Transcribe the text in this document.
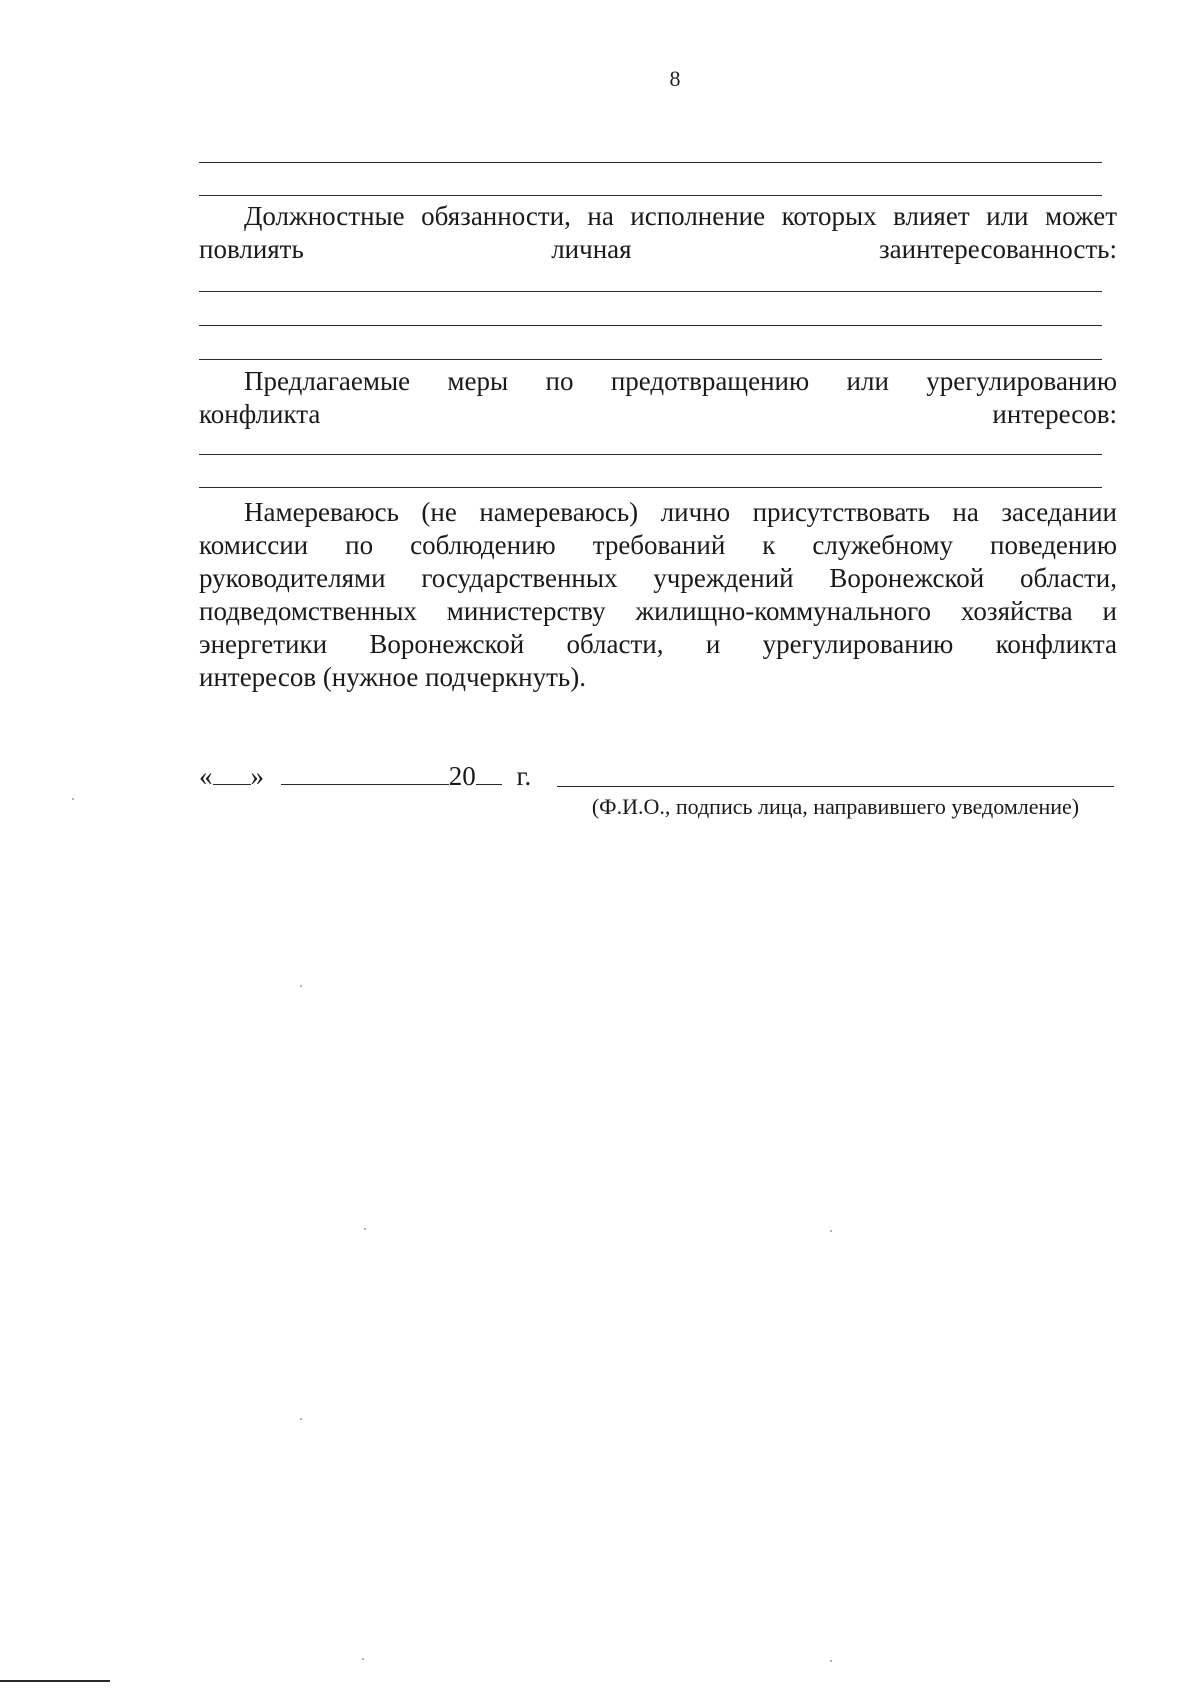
8
Должностные обязанности, на исполнение которых влияет или может
повлиять личная заинтересованность:
Предлагаемые меры по предотвращению или урегулированию
конфликта интересов:
Намереваюсь (не намереваюсь) лично присутствовать на заседании
комиссии по соблюдению требований к служебному поведению
руководителями государственных учреждений Воронежской области,
подведомственных министерству жилищно-коммунального хозяйства и
энергетики Воронежской области, и урегулированию конфликта
интересов (нужное подчеркнуть).
« »	20 г.
(Ф.И.О., подпись лица, направившего уведомление)
